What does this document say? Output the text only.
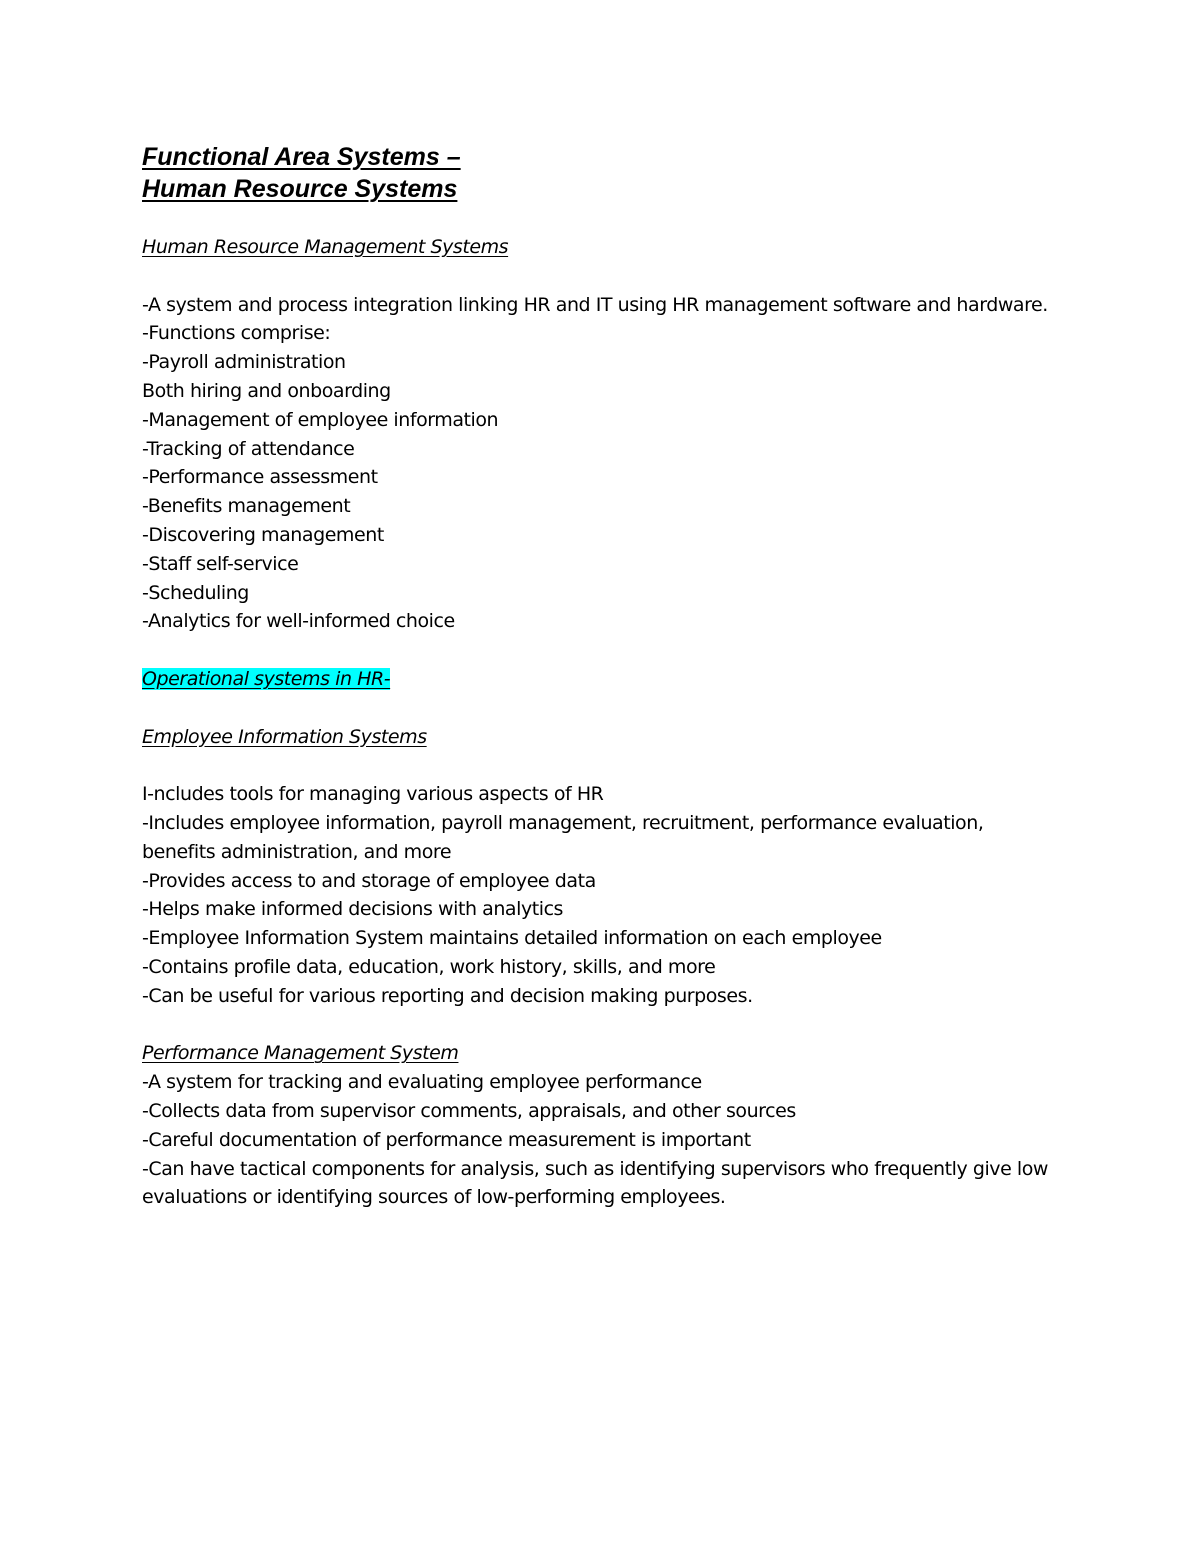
Functional Area Systems –
Human Resource Systems
Human Resource Management Systems
-A system and process integration linking HR and IT using HR management software and hardware.
-Functions comprise:
-Payroll administration
Both hiring and onboarding
-Management of employee information
-Tracking of attendance
-Performance assessment
-Benefits management
-Discovering management
-Staff self-service
-Scheduling
-Analytics for well-informed choice
Operational systems in HR-
Employee Information Systems
I-ncludes tools for managing various aspects of HR
-Includes employee information, payroll management, recruitment, performance evaluation, benefits administration, and more
-Provides access to and storage of employee data
-Helps make informed decisions with analytics
-Employee Information System maintains detailed information on each employee
-Contains profile data, education, work history, skills, and more
-Can be useful for various reporting and decision making purposes.
Performance Management System
-A system for tracking and evaluating employee performance
-Collects data from supervisor comments, appraisals, and other sources
-Careful documentation of performance measurement is important
-Can have tactical components for analysis, such as identifying supervisors who frequently give low evaluations or identifying sources of low-performing employees.
